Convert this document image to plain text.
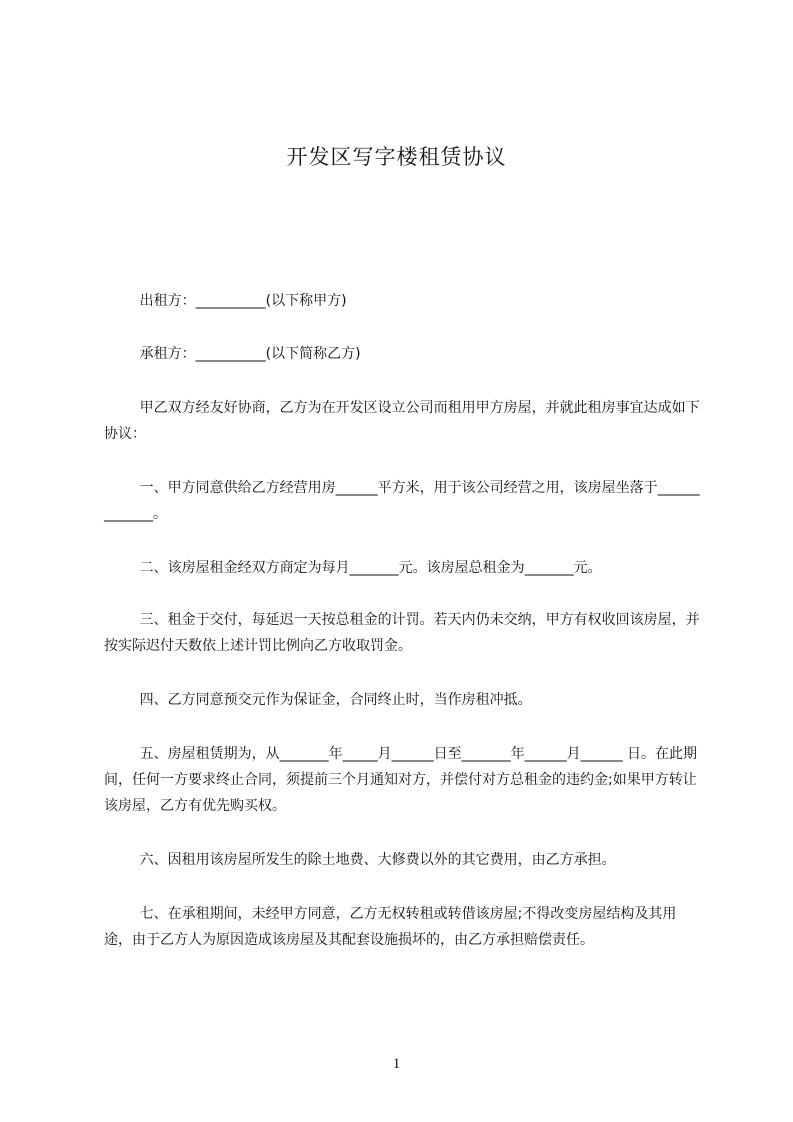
开发区写字楼租赁协议
出租方：__________(以下称甲方)
承租方：__________(以下简称乙方)
甲乙双方经友好协商，乙方为在开发区设立公司而租用甲方房屋，并就此租房事宜达成如下协议：
一、甲方同意供给乙方经营用房______平方米，用于该公司经营之用，该房屋坐落于_____________。
二、该房屋租金经双方商定为每月_______元。该房屋总租金为_______元。
三、租金于交付，每延迟一天按总租金的计罚。若天内仍未交纳，甲方有权收回该房屋，并按实际迟付天数依上述计罚比例向乙方收取罚金。
四、乙方同意预交元作为保证金，合同终止时，当作房租冲抵。
五、房屋租赁期为，从_______年_____月______日至_______年______月______ 日。在此期间，任何一方要求终止合同，须提前三个月通知对方，并偿付对方总租金的违约金;如果甲方转让该房屋，乙方有优先购买权。
六、因租用该房屋所发生的除土地费、大修费以外的其它费用，由乙方承担。
七、在承租期间，未经甲方同意，乙方无权转租或转借该房屋;不得改变房屋结构及其用途，由于乙方人为原因造成该房屋及其配套设施损坏的，由乙方承担赔偿责任。
1
